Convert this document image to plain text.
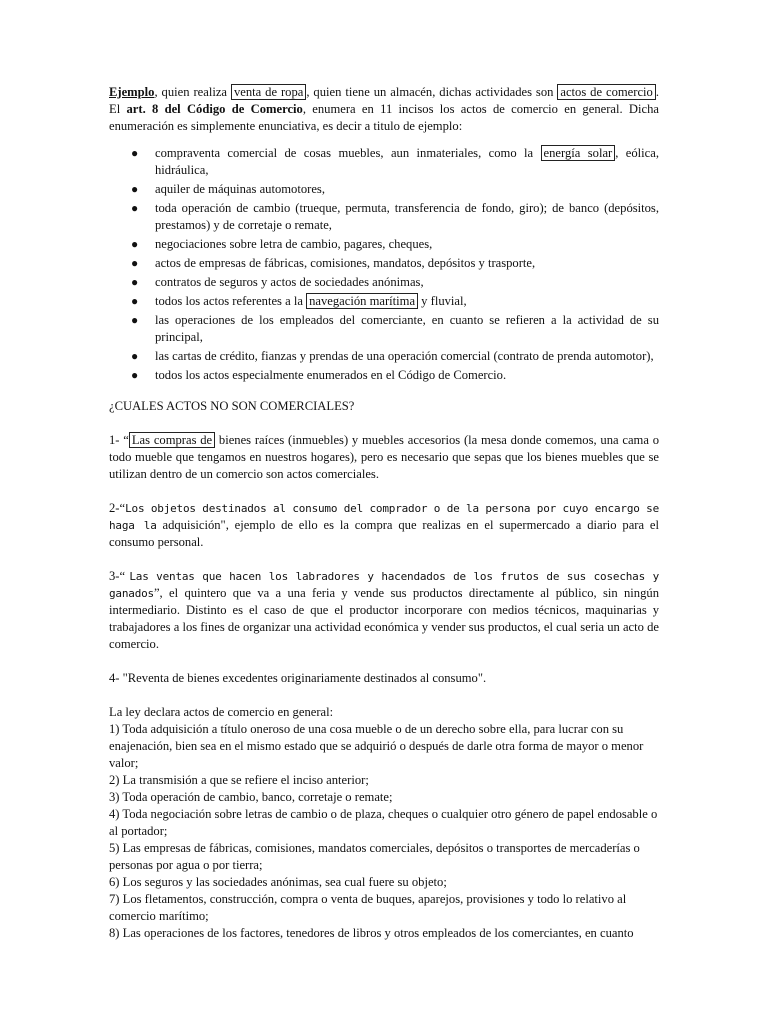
Ejemplo, quien realiza venta de ropa , quien tiene un almacén, dichas actividades son actos de comercio . El art. 8 del Código de Comercio, enumera en 11 incisos los actos de comercio en general. Dicha enumeración es simplemente enunciativa, es decir a titulo de ejemplo:

● compraventa comercial de cosas muebles, aun inmateriales, como la energía solar , eólica, hidráulica,
● aquiler de máquinas automotores,
● toda operación de cambio (trueque, permuta, transferencia de fondo, giro); de banco (depósitos, prestamos) y de corretaje o remate,
● negociaciones sobre letra de cambio, pagares, cheques,
● actos de empresas de fábricas, comisiones, mandatos, depósitos y trasporte,
● contratos de seguros y actos de sociedades anónimas,
● todos los actos referentes a la navegación marítima y fluvial,
● las operaciones de los empleados del comerciante, en cuanto se refieren a la actividad de su principal,
● las cartas de crédito, fianzas y prendas de una operación comercial (contrato de prenda automotor),
● todos los actos especialmente enumerados en el Código de Comercio.

¿CUALES ACTOS NO SON COMERCIALES?

1- “ Las compras de bienes raíces (inmuebles) y muebles accesorios (la mesa donde comemos, una cama o todo mueble que tengamos en nuestros hogares), pero es necesario que sepas que los bienes muebles que se utilizan dentro de un comercio son actos comerciales.

2-“Los objetos destinados al consumo del comprador o de la persona por cuyo encargo se haga la adquisición", ejemplo de ello es la compra que realizas en el supermercado a diario para el consumo personal.

3-“ Las ventas que hacen los labradores y hacendados de los frutos de sus cosechas y ganados”, el quintero que va a una feria y vende sus productos directamente al público, sin ningún intermediario. Distinto es el caso de que el productor incorporare con medios técnicos, maquinarias y trabajadores a los fines de organizar una actividad económica y vender sus productos, el cual seria un acto de comercio.

4- "Reventa de bienes excedentes originariamente destinados al consumo".

La ley declara actos de comercio en general:

1) Toda adquisición a título oneroso de una cosa mueble o de un derecho sobre ella, para lucrar con su enajenación, bien sea en el mismo estado que se adquirió o después de darle otra forma de mayor o menor valor;

2) La transmisión a que se refiere el inciso anterior;

3) Toda operación de cambio, banco, corretaje o remate;

4) Toda negociación sobre letras de cambio o de plaza, cheques o cualquier otro género de papel endosable o al portador;

5) Las empresas de fábricas, comisiones, mandatos comerciales, depósitos o transportes de mercaderías o personas por agua o por tierra;

6) Los seguros y las sociedades anónimas, sea cual fuere su objeto;

7) Los fletamentos, construcción, compra o venta de buques, aparejos, provisiones y todo lo relativo al comercio marítimo;

8) Las operaciones de los factores, tenedores de libros y otros empleados de los comerciantes, en cuanto
